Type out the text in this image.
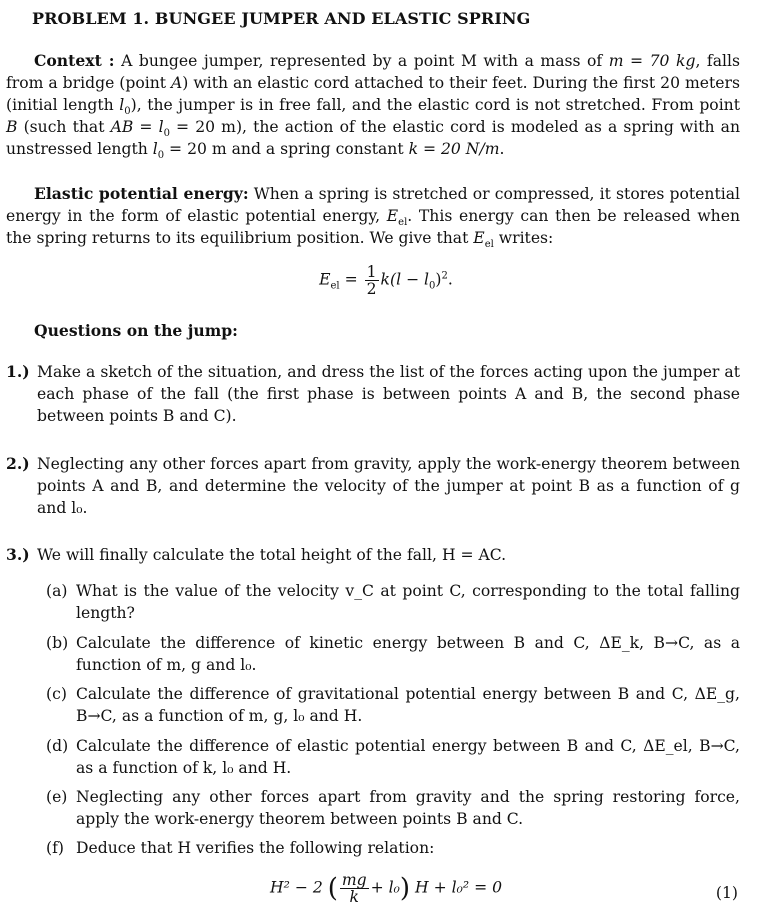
PROBLEM 1. BUNGEE JUMPER AND ELASTIC SPRING
Context : A bungee jumper, represented by a point M with a mass of m = 70 kg, falls from a bridge (point A) with an elastic cord attached to their feet. During the first 20 meters (initial length $l_0$), the jumper is in free fall, and the elastic cord is not stretched. From point B (such that AB = $l_0 = 20$ m), the action of the elastic cord is modeled as a spring with an unstressed length $l_0 = 20$ m and a spring constant k = 20 N/m.
Elastic potential energy: When a spring is stretched or compressed, it stores potential energy in the form of elastic potential energy, $E_{el}$. This energy can then be released when the spring returns to its equilibrium position. We give that $E_{el}$ writes:
$E_{el} = \frac{1}{2} k(l - l_0)^2$.
Questions on the jump:
1.) Make a sketch of the situation, and dress the list of the forces acting upon the jumper at each phase of the fall (the first phase is between points A and B, the second phase between points B and C).
2.) Neglecting any other forces apart from gravity, apply the work-energy theorem between points A and B, and determine the velocity of the jumper at point B as a function of g and l₀.
3.) We will finally calculate the total height of the fall, H = AC.
(a) What is the value of the velocity v_C at point C, corresponding to the total falling length?
(b) Calculate the difference of kinetic energy between B and C, ΔE_k, B→C, as a function of m, g and l₀.
(c) Calculate the difference of gravitational potential energy between B and C, ΔE_g, B→C, as a function of m, g, l₀ and H.
(d) Calculate the difference of elastic potential energy between B and C, ΔE_el, B→C, as a function of k, l₀ and H.
(e) Neglecting any other forces apart from gravity and the spring restoring force, apply the work-energy theorem between points B and C.
(f) Deduce that H verifies the following relation:
H² − 2 ( $\frac{mg}{k} + l_0$) H + l₀² = 0	(1)
